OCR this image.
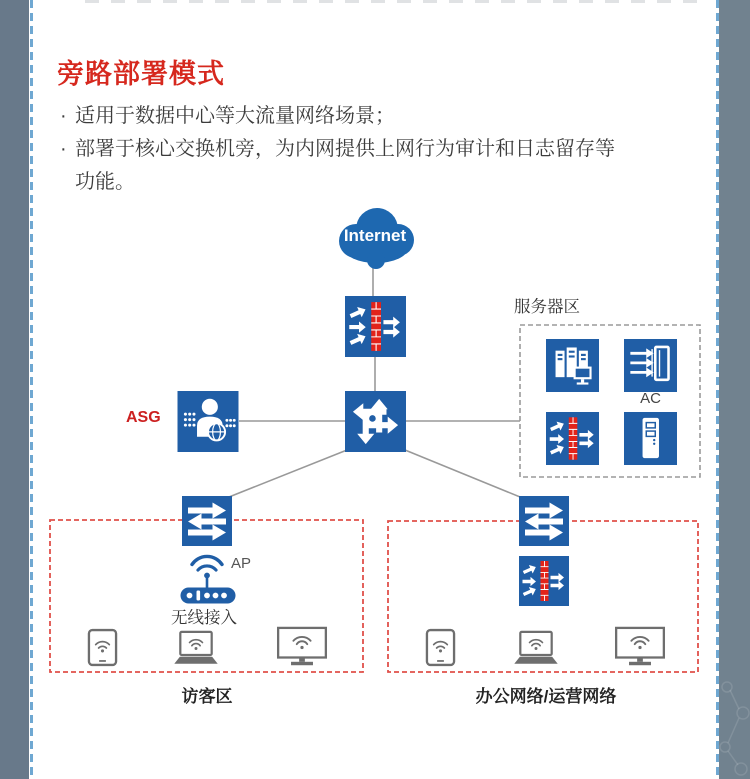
旁路部署模式
· 适用于数据中心等大流量网络场景；
· 部署于核心交换机旁，为内网提供上网行为审计和日志留存等功能。
Internet
ASG
服务器区
AC
AP
无线接入
访客区	办公网络/运营网络
